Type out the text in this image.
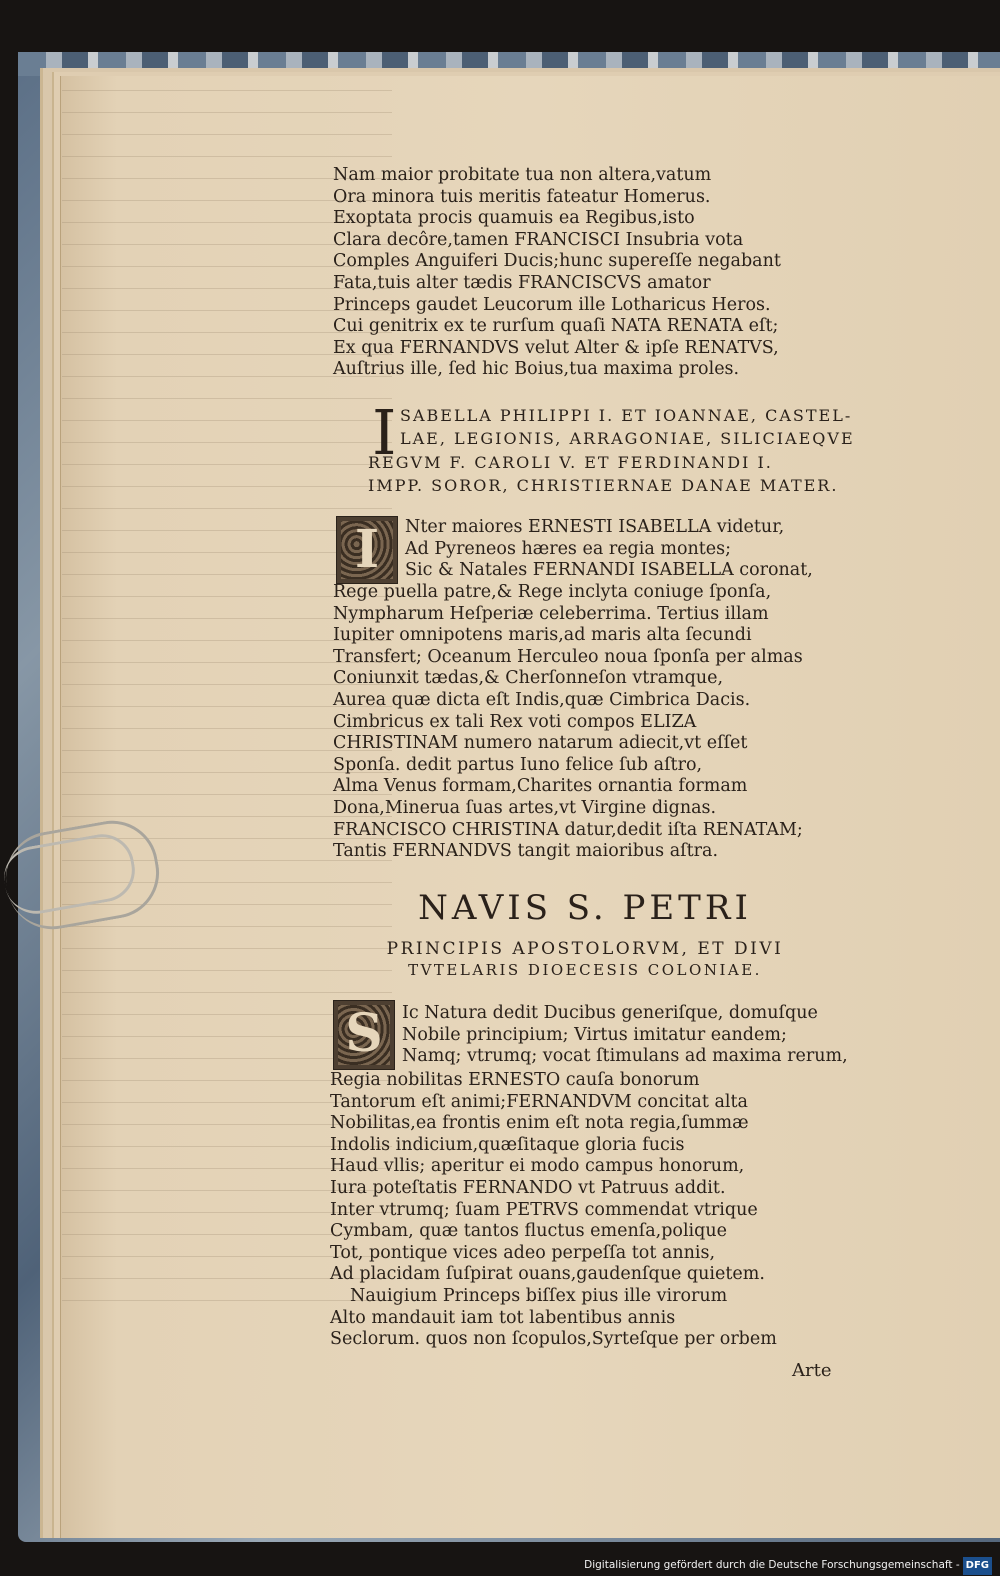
Nam maior probitate tua non altera,vatum
Ora minora tuis meritis fateatur Homerus.
Exoptata procis quamuis ea Regibus,isto
Clara decôre,tamen FRANCISCI Insubria vota
Comples Anguiferi Ducis;hunc supereſſe negabant
Fata,tuis alter tædis FRANCISCVS amator
Princeps gaudet Leucorum ille Lotharicus Heros.
Cui genitrix ex te rurſum quaſi NATA RENATA eſt;
Ex qua FERNANDVS velut Alter & ipſe RENATVS,
Auſtrius ille, ſed hic Boius,tua maxima proles.
I SABELLA PHILIPPI I. ET IOANNAE, CASTEL-
LAE, LEGIONIS, ARRAGONIAE, SILICIAEQVE
REGVM F. CAROLI V. ET FERDINANDI I.
IMPP. SOROR, CHRISTIERNAE DANAE MATER.
I	Nter maiores ERNESTI ISABELLA videtur,
Ad Pyreneos hæres ea regia montes;
Sic & Natales FERNANDI ISABELLA coronat,
Rege puella patre,& Rege inclyta coniuge ſponſa,
Nympharum Heſperiæ celeberrima. Tertius illam
Iupiter omnipotens maris,ad maris alta ſecundi
Transfert; Oceanum Herculeo noua ſponſa per almas
Coniunxit tædas,& Cherſonneſon vtramque,
Aurea quæ dicta eſt Indis,quæ Cimbrica Dacis.
Cimbricus ex tali Rex voti compos ELIZA
CHRISTINAM numero natarum adiecit,vt eſſet
Sponſa. dedit partus Iuno felice ſub aſtro,
Alma Venus formam,Charites ornantia formam
Dona,Minerua ſuas artes,vt Virgine dignas.
FRANCISCO CHRISTINA datur,dedit iſta RENATAM;
Tantis FERNANDVS tangit maioribus aſtra.
NAVIS S. PETRI
PRINCIPIS APOSTOLORVM, ET DIVI
TVTELARIS DIOECESIS COLONIAE.
S	Ic Natura dedit Ducibus generiſque, domuſque
Nobile principium; Virtus imitatur eandem;
Namq; vtrumq; vocat ſtimulans ad maxima rerum,
Regia nobilitas ERNESTO cauſa bonorum
Tantorum eſt animi;FERNANDVM concitat alta
Nobilitas,ea frontis enim eſt nota regia,ſummæ
Indolis indicium,quæſitaque gloria fucis
Haud vllis; aperitur ei modo campus honorum,
Iura poteſtatis FERNANDO vt Patruus addit.
Inter vtrumq; ſuam PETRVS commendat vtrique
Cymbam, quæ tantos fluctus emenſa,polique
Tot, pontique vices adeo perpeſſa tot annis,
Ad placidam ſuſpirat ouans,gaudenſque quietem.
Nauigium Princeps biſſex pius ille virorum
Alto mandauit iam tot labentibus annis
Seclorum. quos non ſcopulos,Syrteſque per orbem
Arte
Digitalisierung gefördert durch die Deutsche Forschungsgemeinschaft - DFG
